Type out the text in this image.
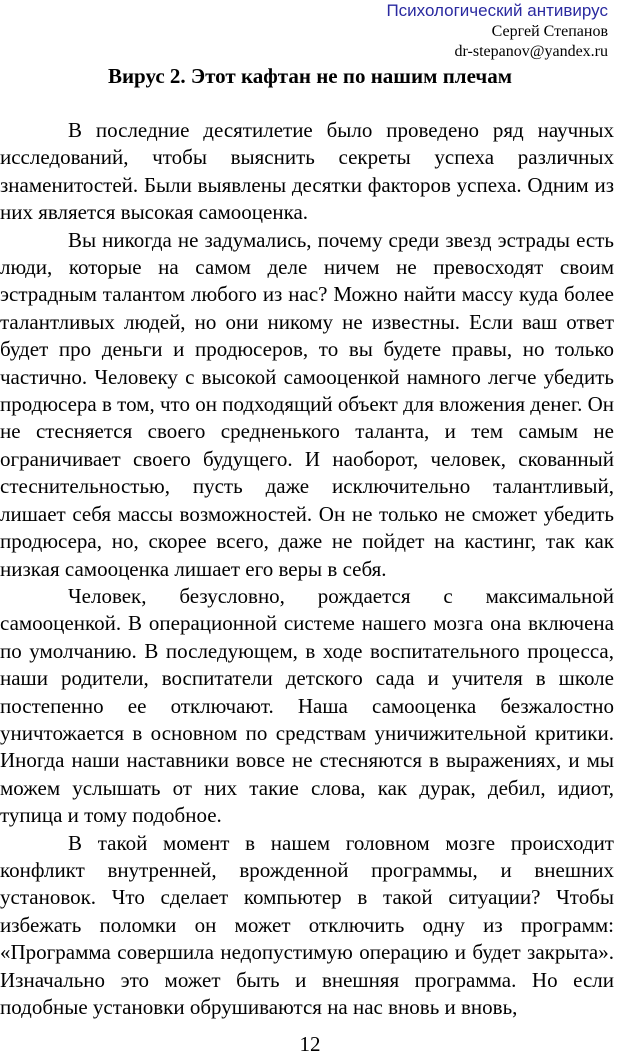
Психологический антивирус
Сергей Степанов
dr-stepanov@yandex.ru
Вирус 2. Этот кафтан не по нашим плечам

В последние десятилетие было проведено ряд научных исследований, чтобы выяснить секреты успеха различных знаменитостей. Были выявлены десятки факторов успеха. Одним из них является высокая самооценка.

Вы никогда не задумались, почему среди звезд эстрады есть люди, которые на самом деле ничем не превосходят своим эстрадным талантом любого из нас? Можно найти массу куда более талантливых людей, но они никому не известны. Если ваш ответ будет про деньги и продюсеров, то вы будете правы, но только частично. Человеку с высокой самооценкой намного легче убедить продюсера в том, что он подходящий объект для вложения денег. Он не стесняется своего средненького таланта, и тем самым не ограничивает своего будущего. И наоборот, человек, скованный стеснительностью, пусть даже исключительно талантливый, лишает себя массы возможностей. Он не только не сможет убедить продюсера, но, скорее всего, даже не пойдет на кастинг, так как низкая самооценка лишает его веры в себя.

Человек, безусловно, рождается с максимальной самооценкой. В операционной системе нашего мозга она включена по умолчанию. В последующем, в ходе воспитательного процесса, наши родители, воспитатели детского сада и учителя в школе постепенно ее отключают. Наша самооценка безжалостно уничтожается в основном по средствам уничижительной критики. Иногда наши наставники вовсе не стесняются в выражениях, и мы можем услышать от них такие слова, как дурак, дебил, идиот, тупица и тому подобное.

В такой момент в нашем головном мозге происходит конфликт внутренней, врожденной программы, и внешних установок. Что сделает компьютер в такой ситуации? Чтобы избежать поломки он может отключить одну из программ: «Программа совершила недопустимую операцию и будет закрыта». Изначально это может быть и внешняя программа. Но если подобные установки обрушиваются на нас вновь и вновь,

12
